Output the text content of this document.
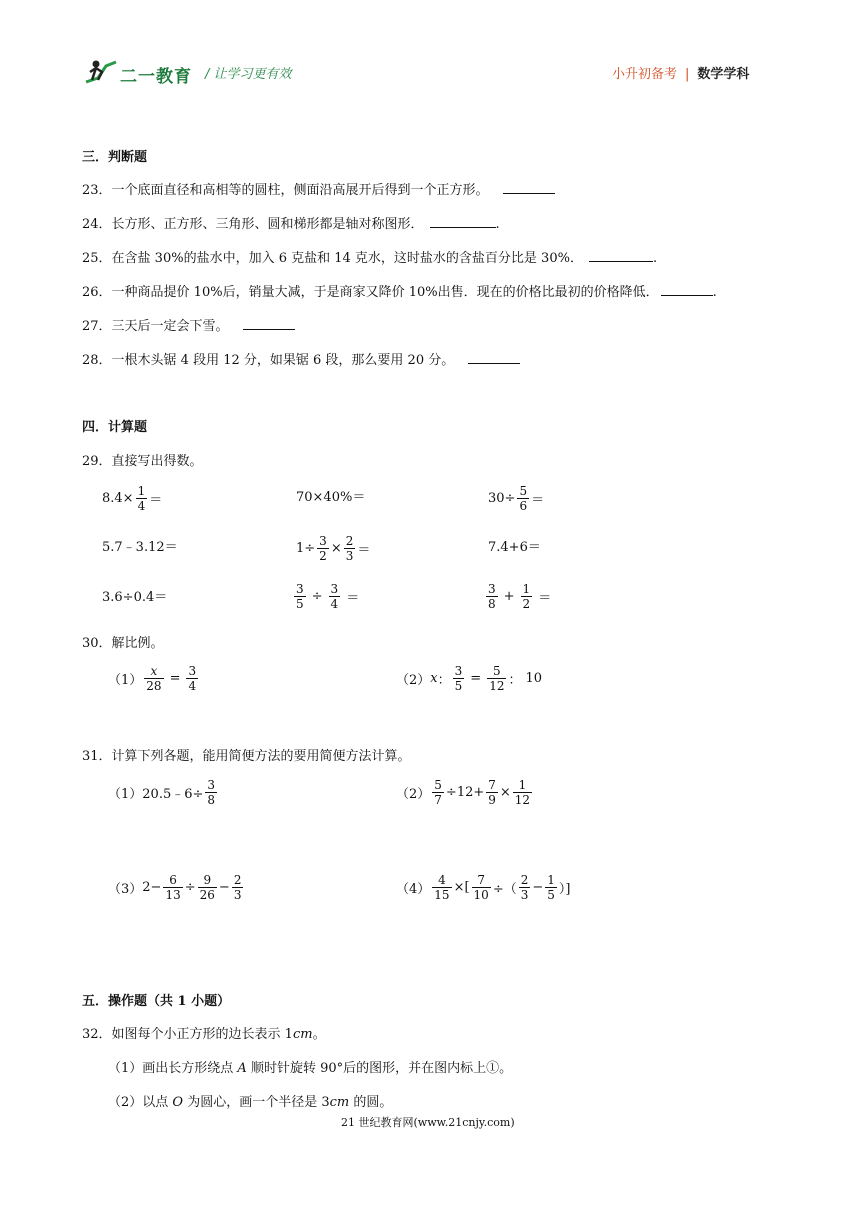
二一教育 / 让学习更有效	小升初备考 | 数学学科
三．判断题
23．一个底面直径和高相等的圆柱，侧面沿高展开后得到一个正方形。
24．长方形、正方形、三角形、圆和梯形都是轴对称图形．	.
25．在含盐 30%的盐水中，加入 6 克盐和 14 克水，这时盐水的含盐百分比是 30%．	.
26．一种商品提价 10%后，销量大减，于是商家又降价 10%出售．现在的价格比最初的价格降低．	.
27．三天后一定会下雪。
28．一根木头锯 4 段用 12 分，如果锯 6 段，那么要用 20 分。
四．计算题
29．直接写出得数。
$8.4\times \frac{1}{4}$ ＝	70×40%＝	$30\div \frac{5}{6}$ ＝
5.7﹣3.12＝	$1\div \frac{3}{2} \times \frac{2}{3}$ ＝	7.4+6＝
3.6÷0.4＝	$\frac{3}{5} \div \frac{3}{4}$ ＝	$\frac{3}{8} + \frac{1}{2}$ ＝
30．解比例。
$(1) \frac{x}{28} = \frac{3}{4}$	（2） x ： $\frac{3}{5} = \frac{5}{12}$ ： 10
31．计算下列各题，能用简便方法的要用简便方法计算。
（1） 20.5﹣6÷ $\frac{3}{8}$	$(2) \frac{5}{7} \div 12+ \frac{7}{9} \times \frac{1}{12}$
（3） $2- \frac{6}{13} \div \frac{9}{26} - \frac{2}{3}$	$(4) \frac{4}{15}$ ×[ $\frac{7}{10}$ ÷（ $\frac{2}{3} - \frac{1}{5}$ ）]
五．操作题（共 1 小题）
32．如图每个小正方形的边长表示 1cm。
（1）画出长方形绕点 A 顺时针旋转 90°后的图形，并在图内标上①。
（2）以点 O 为圆心，画一个半径是 3cm 的圆。
21 世纪教育网(www.21cnjy.com)
